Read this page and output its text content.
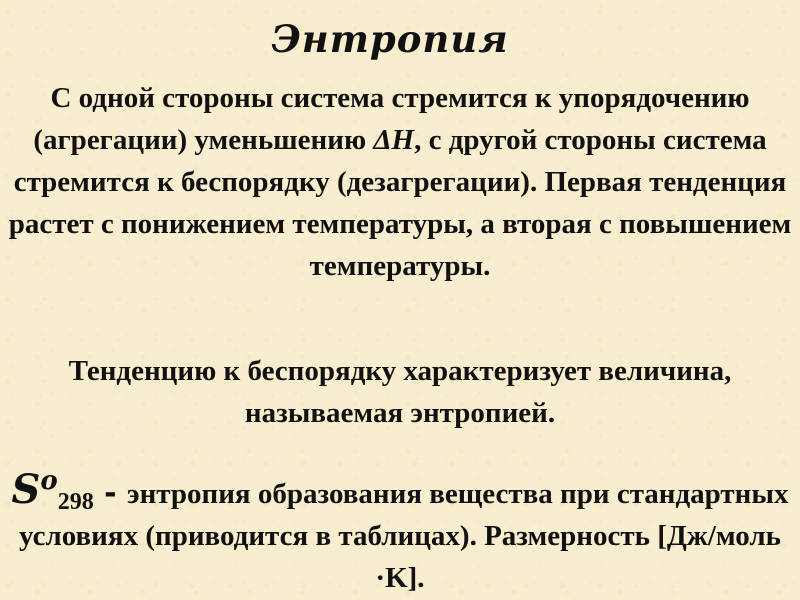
Энтропия
С одной стороны система стремится к упорядочению (агрегации) уменьшению ΔH, с другой стороны система стремится к беспорядку (дезагрегации). Первая тенденция растет с понижением температуры, а вторая с повышением температуры.
Тенденцию к беспорядку характеризует величина, называемая энтропией.
$So_{298}$ - энтропия образования вещества при стандартных условиях (приводится в таблицах). Размерность [Дж/моль ·K].
